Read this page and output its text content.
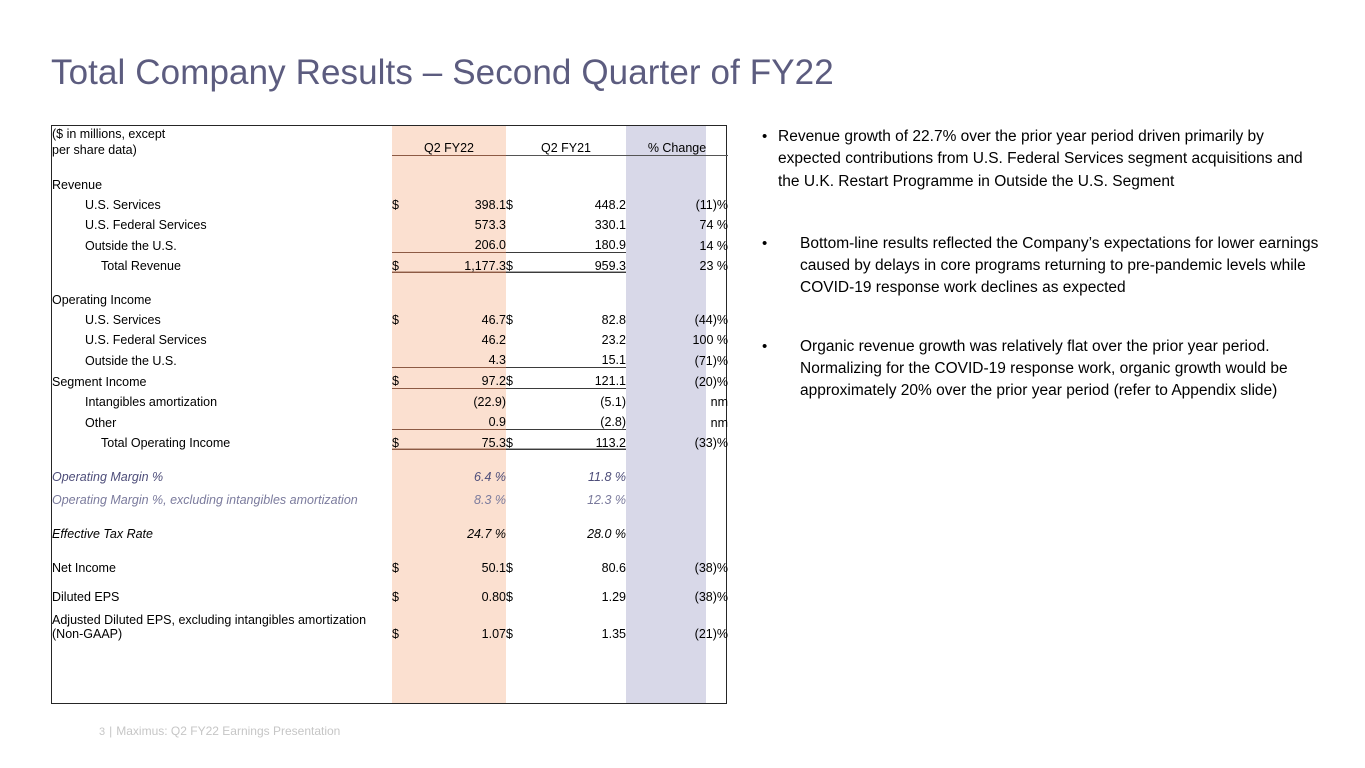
Total Company Results – Second Quarter of FY22
($ in millions, except
per share data)	Q2 FY22		Q2 FY21		% Change

Revenue					
U.S. Services	$	398.1	$	448.2	(11)%
U.S. Federal Services		573.3		330.1	74 %
Outside the U.S.		206.0		180.9	14 %
Total Revenue	$	1,177.3	$	959.3	23 %

Operating Income					
U.S. Services	$	46.7	$	82.8	(44)%
U.S. Federal Services		46.2		23.2	100 %
Outside the U.S.		4.3		15.1	(71)%
Segment Income	$	97.2	$	121.1	(20)%
Intangibles amortization		(22.9)		(5.1)	nm
Other		0.9		(2.8)	nm
Total Operating Income	$	75.3	$	113.2	(33)%

Operating Margin %		6.4 %		11.8 %	

Operating Margin %, excluding intangibles amortization		8.3 %		12.3 %	

Effective Tax Rate		24.7 %		28.0 %	

Net Income	$	50.1	$	80.6	(38)%

Diluted EPS	$	0.80	$	1.29	(38)%

Adjusted Diluted EPS, excluding intangibles amortization (Non-GAAP)	$	1.07	$	1.35	(21)%

• Revenue growth of 22.7% over the prior year period driven primarily by expected contributions from U.S. Federal Services segment acquisitions and the U.K. Restart Programme in Outside the U.S. Segment
•	Bottom-line results reflected the Company’s expectations for lower earnings caused by delays in core programs returning to pre-pandemic levels while COVID-19 response work declines as expected
•	Organic revenue growth was relatively flat over the prior year period. Normalizing for the COVID-19 response work, organic growth would be approximately 20% over the prior year period (refer to Appendix slide)
3 | Maximus: Q2 FY22 Earnings Presentation
